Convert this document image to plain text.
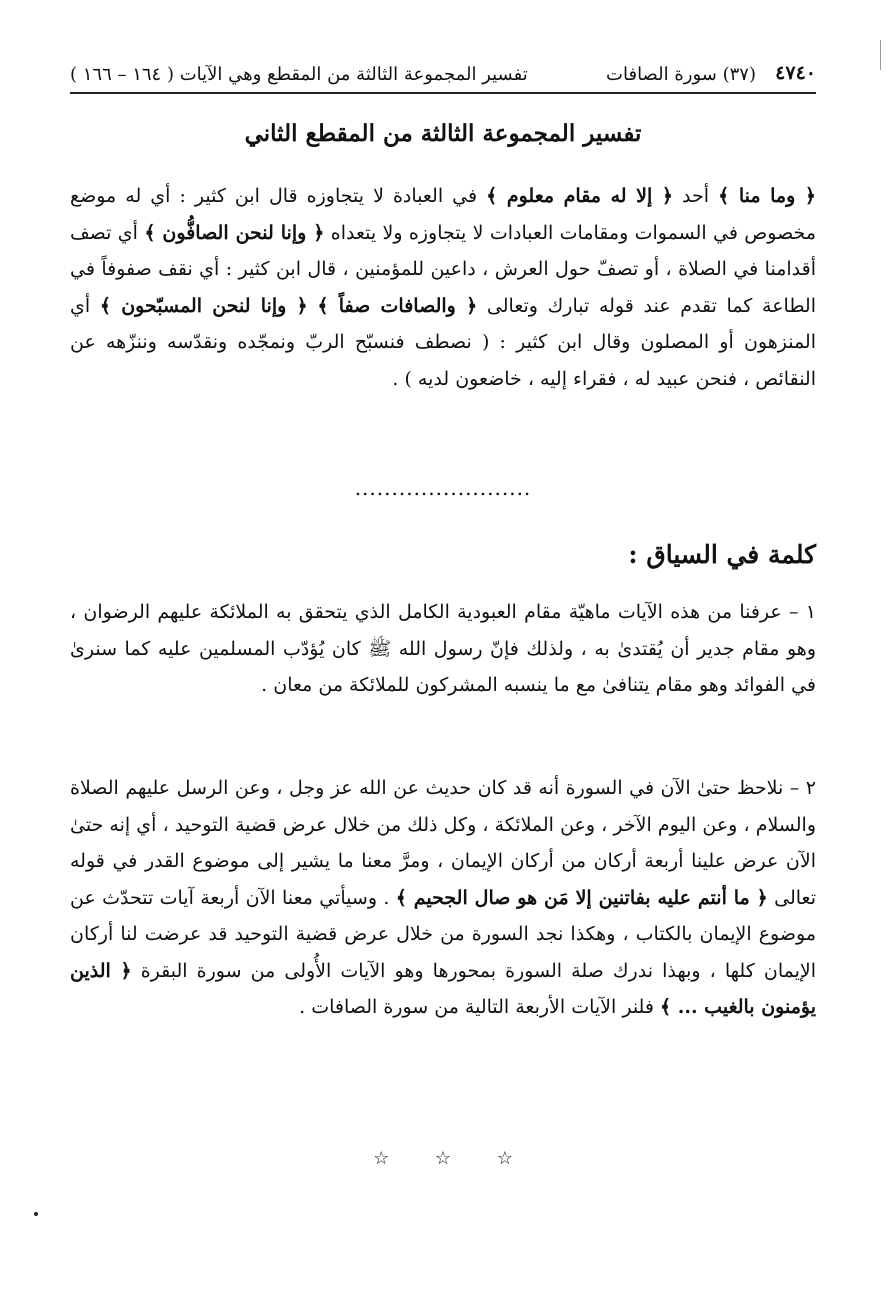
٤٧٤٠
(٣٧) سورة الصافات
تفسير المجموعة الثالثة من المقطع وهي الآيات ( ١٦٤ – ١٦٦ )
تفسير المجموعة الثالثة من المقطع الثاني
﴿ وما منا ﴾ أحد ﴿ إلا له مقام معلوم ﴾ في العبادة لا يتجاوزه قال ابن كثير : أي له موضع مخصوص في السموات ومقامات العبادات لا يتجاوزه ولا يتعداه ﴿ وإنا لنحن الصافُّون ﴾ أي تصف أقدامنا في الصلاة ، أو تصفّ حول العرش ، داعين للمؤمنين ، قال ابن كثير : أي نقف صفوفاً في الطاعة كما تقدم عند قوله تبارك وتعالى ﴿ والصافات صفاً ﴾ ﴿ وإنا لنحن المسبّحون ﴾ أي المنزهون أو المصلون وقال ابن كثير : ( نصطف فنسبّح الربّ ونمجّده ونقدّسه وننزّهه عن النقائص ، فنحن عبيد له ، فقراء إليه ، خاضعون لديه ) .
........................
كلمة في السياق :
١ – عرفنا من هذه الآيات ماهيّة مقام العبودية الكامل الذي يتحقق به الملائكة عليهم الرضوان ، وهو مقام جدير أن يُقتدىٰ به ، ولذلك فإنّ رسول الله ﷺ كان يُؤدّب المسلمين عليه كما سنرىٰ في الفوائد وهو مقام يتنافىٰ مع ما ينسبه المشركون للملائكة من معان .
٢ – نلاحظ حتىٰ الآن في السورة أنه قد كان حديث عن الله عز وجل ، وعن الرسل عليهم الصلاة والسلام ، وعن اليوم الآخر ، وعن الملائكة ، وكل ذلك من خلال عرض قضية التوحيد ، أي إنه حتىٰ الآن عرض علينا أربعة أركان من أركان الإيمان ، ومرَّ معنا ما يشير إلى موضوع القدر في قوله تعالى ﴿ ما أنتم عليه بفاتنين إلا مَن هو صال الجحيم ﴾ . وسيأتي معنا الآن أربعة آيات تتحدّث عن موضوع الإيمان بالكتاب ، وهكذا نجد السورة من خلال عرض قضية التوحيد قد عرضت لنا أركان الإيمان كلها ، وبهذا ندرك صلة السورة بمحورها وهو الآيات الأُولى من سورة البقرة ﴿ الذين يؤمنون بالغيب ... ﴾ فلنر الآيات الأربعة التالية من سورة الصافات .
☆ ☆ ☆
